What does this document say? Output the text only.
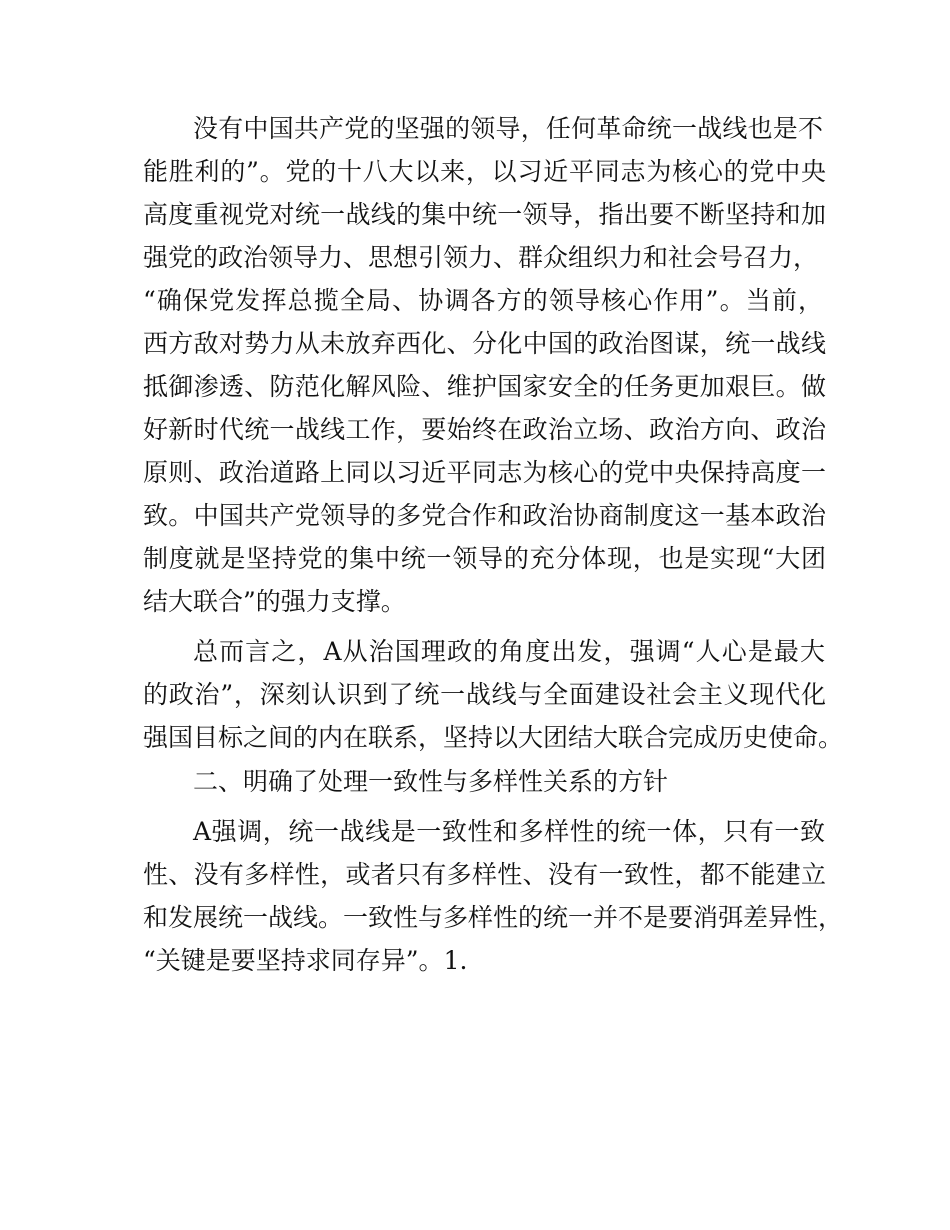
没有中国共产党的坚强的领导，任何革命统一战线也是不

能胜利的”。党的十八大以来，以习近平同志为核心的党中央

高度重视党对统一战线的集中统一领导，指出要不断坚持和加

强党的政治领导力、思想引领力、群众组织力和社会号召力，

“确保党发挥总揽全局、协调各方的领导核心作用”。当前，

西方敌对势力从未放弃西化、分化中国的政治图谋，统一战线

抵御渗透、防范化解风险、维护国家安全的任务更加艰巨。做

好新时代统一战线工作，要始终在政治立场、政治方向、政治

原则、政治道路上同以习近平同志为核心的党中央保持高度一

致。中国共产党领导的多党合作和政治协商制度这一基本政治

制度就是坚持党的集中统一领导的充分体现，也是实现“大团

结大联合”的强力支撑。

总而言之，A从治国理政的角度出发，强调“人心是最大

的政治”，深刻认识到了统一战线与全面建设社会主义现代化

强国目标之间的内在联系，坚持以大团结大联合完成历史使命。

二、明确了处理一致性与多样性关系的方针

A强调，统一战线是一致性和多样性的统一体，只有一致

性、没有多样性，或者只有多样性、没有一致性，都不能建立

和发展统一战线。一致性与多样性的统一并不是要消弭差异性，

“关键是要坚持求同存异”。1.
